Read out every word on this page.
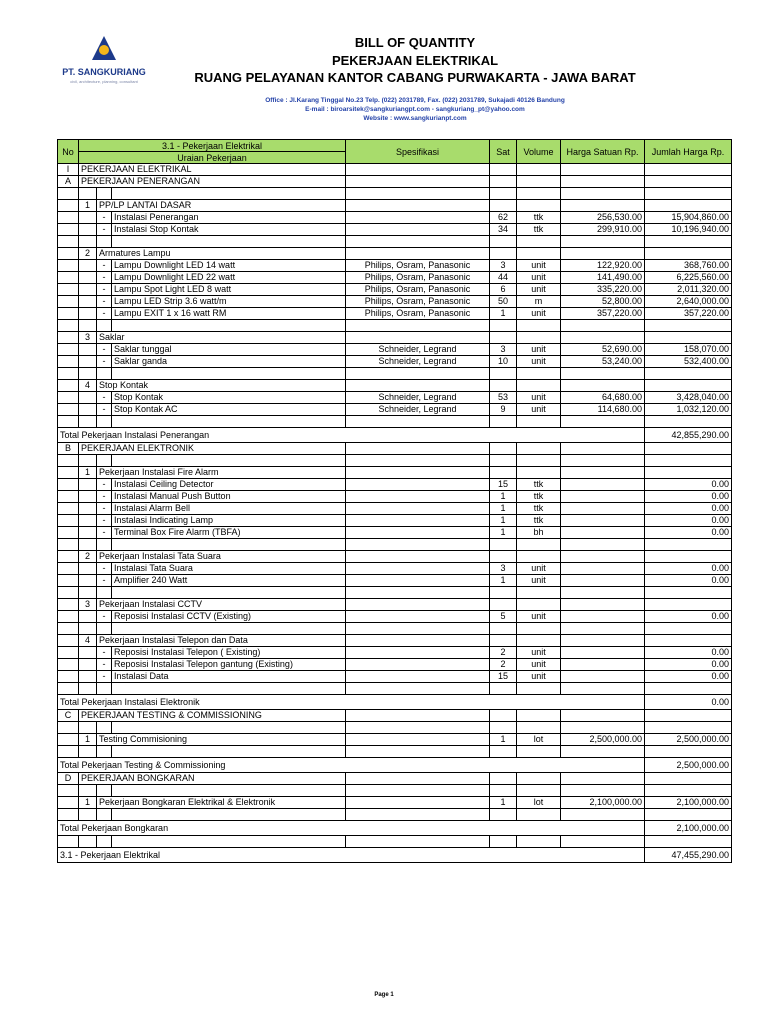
PT. SANGKURIANG
civil, architecture, planning, consultant
BILL OF QUANTITY
PEKERJAAN ELEKTRIKAL
RUANG PELAYANAN KANTOR CABANG PURWAKARTA - JAWA BARAT
Office : Jl.Karang Tinggal No.23 Telp. (022) 2031789, Fax. (022) 2031789, Sukajadi 40126 Bandung
E-mail : biroarsitek@sangkuriangpt.com - sangkuriang_pt@yahoo.com
Website : www.sangkurianpt.com
No	3.1 - Pekerjaan Elektrikal			Spesifikasi	Sat	Volume	Harga Satuan Rp.	Jumlah Harga Rp.
	Uraian Pekerjaan							
I	PEKERJAAN ELEKTRIKAL							
A	PEKERJAAN PENERANGAN							

	1	PP/LP LANTAI DASAR						
		-	Instalasi Penerangan		62	ttk	256,530.00	15,904,860.00
		-	Instalasi Stop Kontak		34	ttk	299,910.00	10,196,940.00

	2	Armatures Lampu						
		-	Lampu Downlight LED 14 watt	Philips, Osram, Panasonic	3	unit	122,920.00	368,760.00
		-	Lampu Downlight LED 22 watt	Philips, Osram, Panasonic	44	unit	141,490.00	6,225,560.00
		-	Lampu Spot Light LED 8 watt	Philips, Osram, Panasonic	6	unit	335,220.00	2,011,320.00
		-	Lampu LED Strip 3.6 watt/m	Philips, Osram, Panasonic	50	m	52,800.00	2,640,000.00
		-	Lampu EXIT 1 x 16 watt RM	Philips, Osram, Panasonic	1	unit	357,220.00	357,220.00

	3	Saklar						
		-	Saklar tunggal	Schneider, Legrand	3	unit	52,690.00	158,070.00
		-	Saklar ganda	Schneider, Legrand	10	unit	53,240.00	532,400.00

	4	Stop Kontak						
		-	Stop Kontak	Schneider, Legrand	53	unit	64,680.00	3,428,040.00
		-	Stop Kontak AC	Schneider, Legrand	9	unit	114,680.00	1,032,120.00

Total Pekerjaan Instalasi Penerangan								42,855,290.00
B	PEKERJAAN ELEKTRONIK							

	1	Pekerjaan Instalasi Fire Alarm						
		-	Instalasi Ceiling Detector		15	ttk		0.00
		-	Instalasi Manual Push Button		1	ttk		0.00
		-	Instalasi Alarm Bell		1	ttk		0.00
		-	Instalasi Indicating Lamp		1	ttk		0.00
		-	Terminal Box Fire Alarm (TBFA)		1	bh		0.00

	2	Pekerjaan Instalasi Tata Suara						
		-	Instalasi Tata Suara		3	unit		0.00
		-	Amplifier 240 Watt		1	unit		0.00

	3	Pekerjaan Instalasi CCTV						
		-	Reposisi Instalasi CCTV (Existing)		5	unit		0.00

	4	Pekerjaan Instalasi Telepon dan Data						
		-	Reposisi Instalasi Telepon ( Existing)		2	unit		0.00
		-	Reposisi Instalasi Telepon gantung (Existing)		2	unit		0.00
		-	Instalasi Data		15	unit		0.00

Total Pekerjaan Instalasi Elektronik								0.00
C	PEKERJAAN TESTING & COMMISSIONING							

	1	Testing Commisioning			1	lot	2,500,000.00	2,500,000.00

Total Pekerjaan Testing & Commissioning								2,500,000.00
D	PEKERJAAN BONGKARAN							

	1	Pekerjaan Bongkaran Elektrikal & Elektronik			1	lot	2,100,000.00	2,100,000.00

Total Pekerjaan Bongkaran								2,100,000.00

3.1 - Pekerjaan Elektrikal								47,455,290.00
Page 1
